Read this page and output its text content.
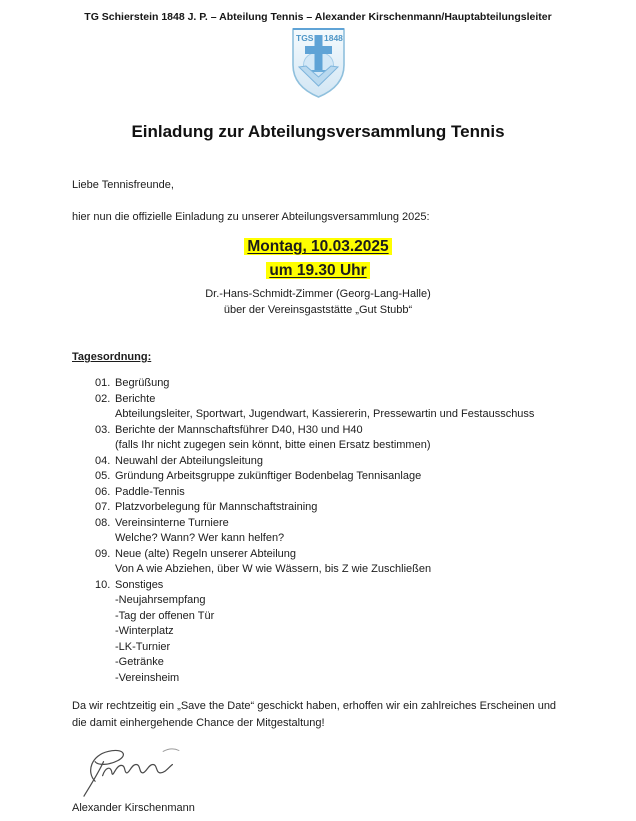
TG Schierstein 1848 J. P. – Abteilung Tennis – Alexander Kirschenmann/Hauptabteilungsleiter
TGS 1848
Einladung zur Abteilungsversammlung Tennis
Liebe Tennisfreunde,
hier nun die offizielle Einladung zu unserer Abteilungsversammlung 2025:
Montag, 10.03.2025
um 19.30 Uhr
Dr.-Hans-Schmidt-Zimmer (Georg-Lang-Halle)
über der Vereinsgaststätte „Gut Stubb“
Tagesordnung:
01. Begrüßung
02. Berichte
Abteilungsleiter, Sportwart, Jugendwart, Kassiererin, Pressewartin und Festausschuss
03. Berichte der Mannschaftsführer D40, H30 und H40
(falls Ihr nicht zugegen sein könnt, bitte einen Ersatz bestimmen)
04. Neuwahl der Abteilungsleitung
05. Gründung Arbeitsgruppe zukünftiger Bodenbelag Tennisanlage
06. Paddle-Tennis
07. Platzvorbelegung für Mannschaftstraining
08. Vereinsinterne Turniere
Welche? Wann? Wer kann helfen?
09. Neue (alte) Regeln unserer Abteilung
Von A wie Abziehen, über W wie Wässern, bis Z wie Zuschließen
10. Sonstiges
-Neujahrsempfang
-Tag der offenen Tür
-Winterplatz
-LK-Turnier
-Getränke
-Vereinsheim
Da wir rechtzeitig ein „Save the Date“ geschickt haben, erhoffen wir ein zahlreiches Erscheinen und
die damit einhergehende Chance der Mitgestaltung!
Alexander Kirschenmann
